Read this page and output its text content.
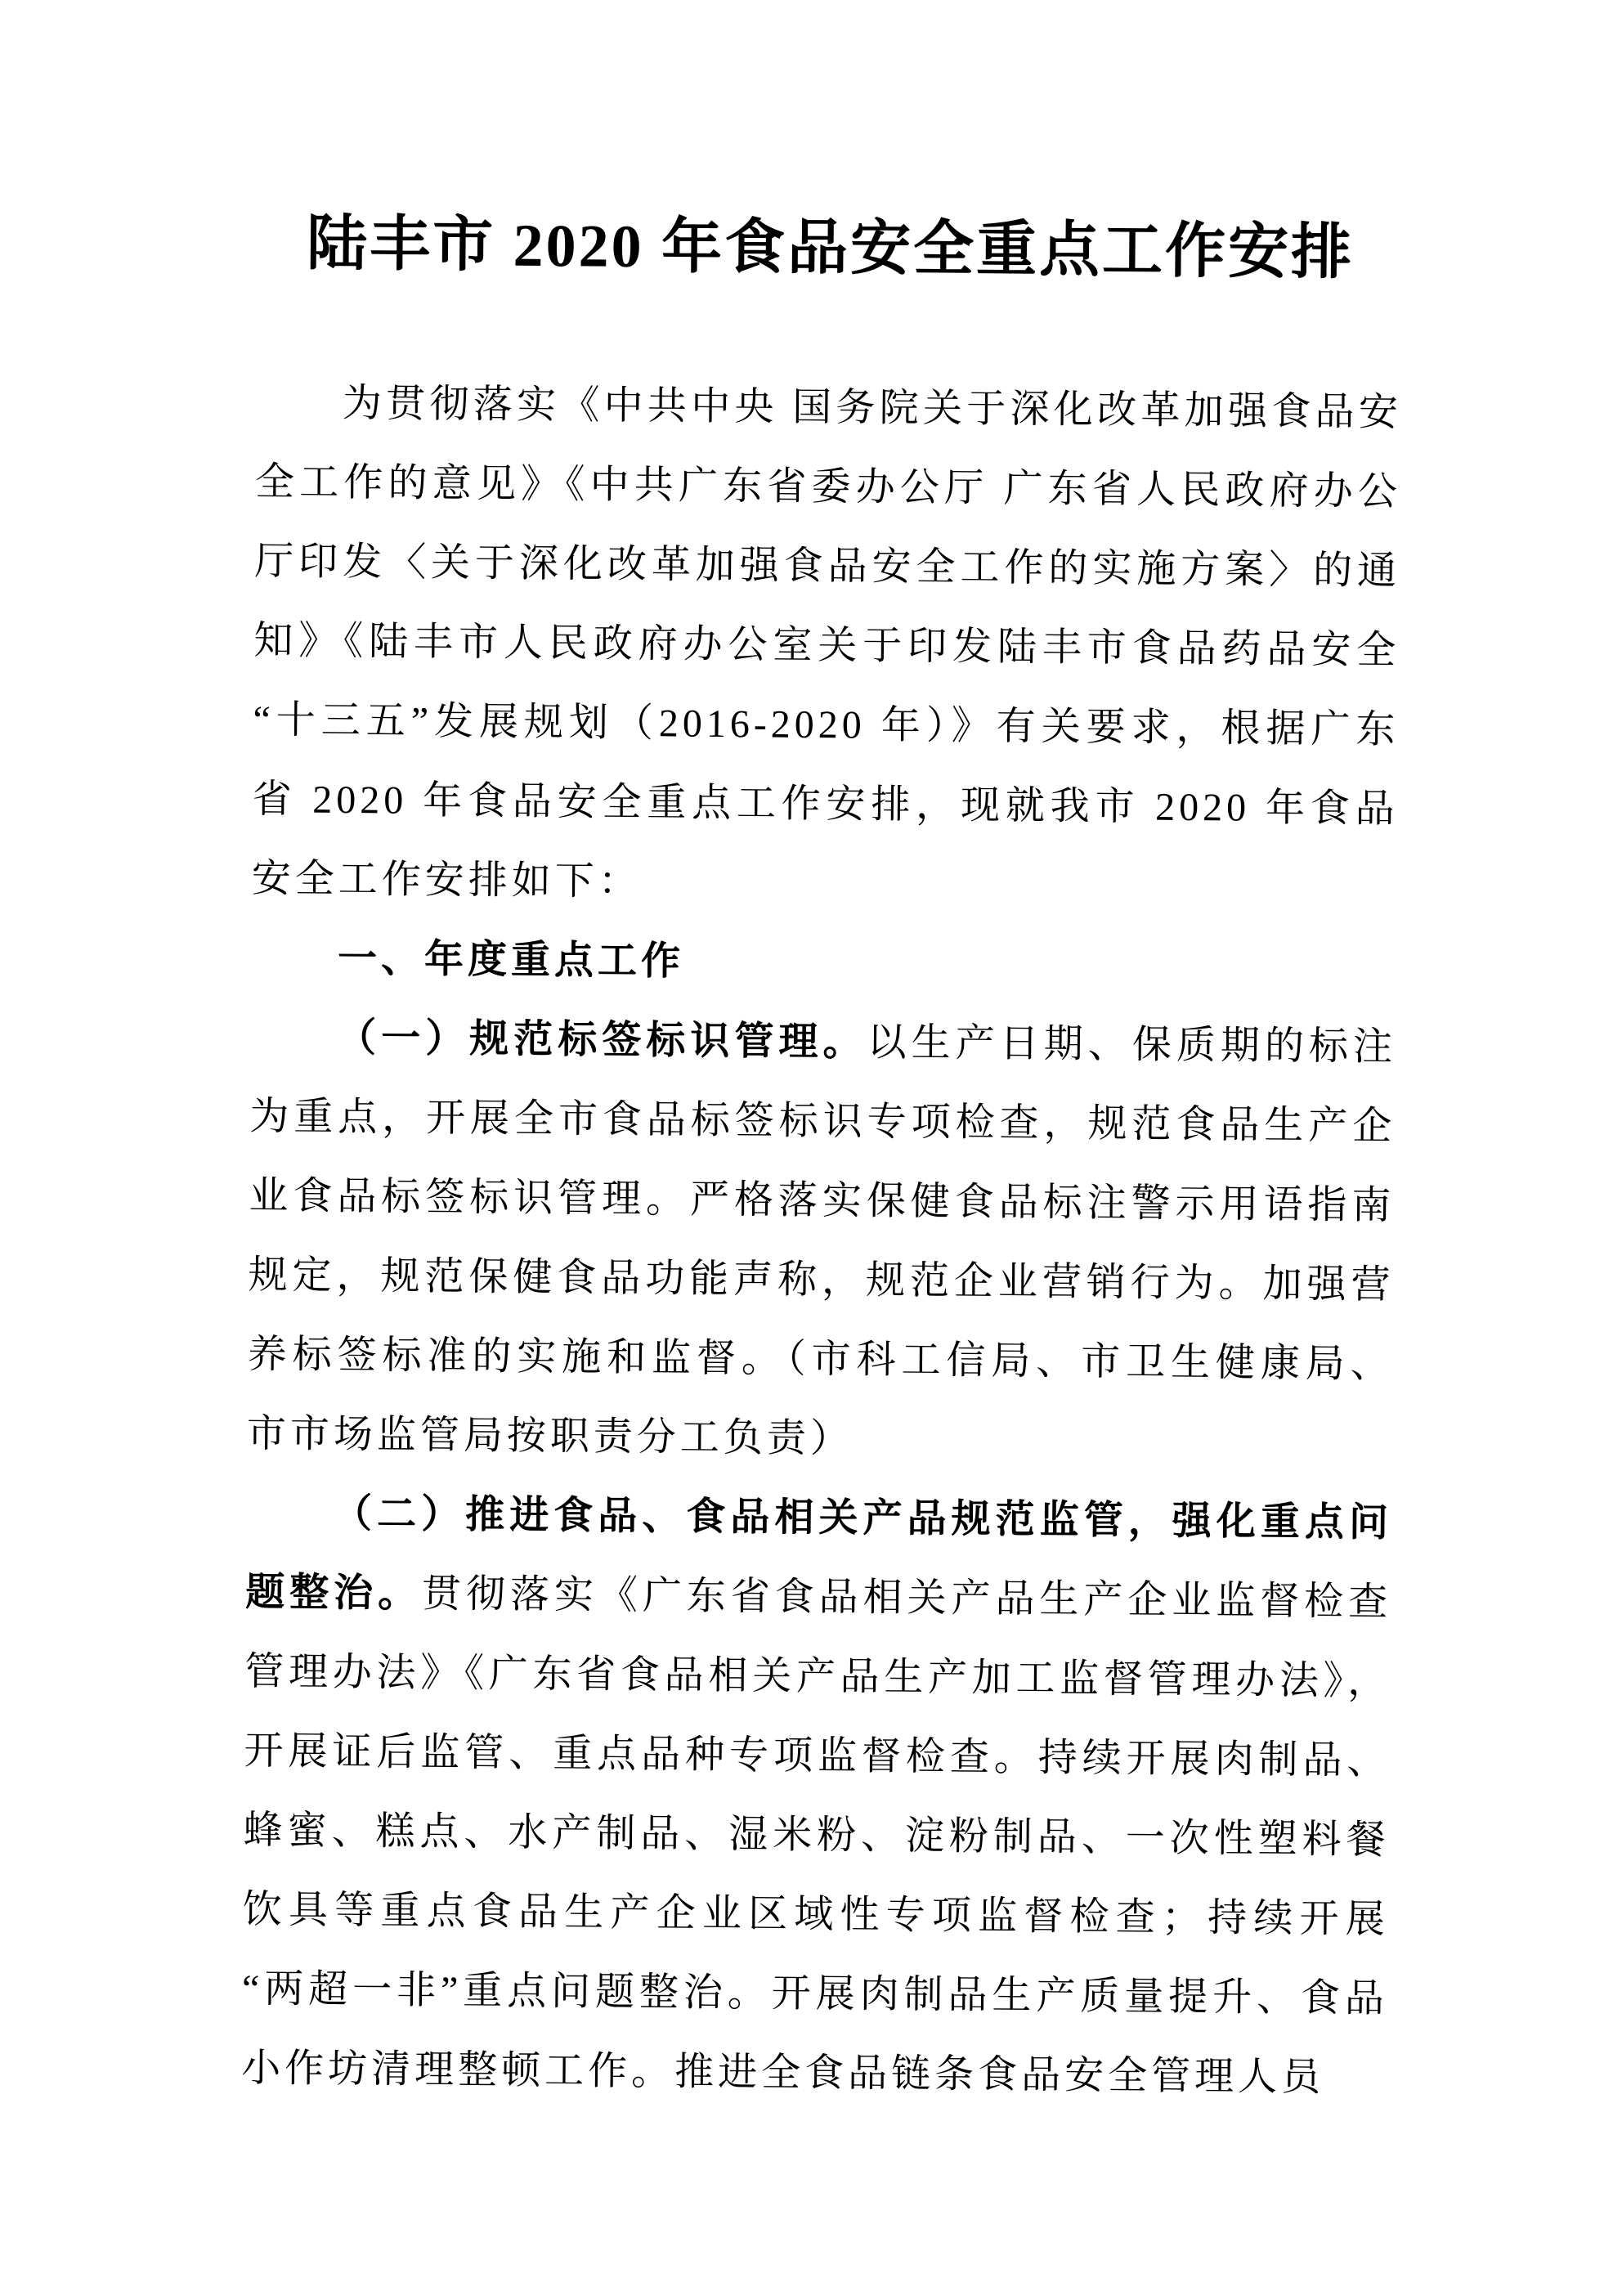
陆丰市 2020 年食品安全重点工作安排

为贯彻落实《中共中央 国务院关于深化改革加强食品安全工作的意见》《中共广东省委办公厅 广东省人民政府办公厅印发〈关于深化改革加强食品安全工作的实施方案〉的通知》《陆丰市人民政府办公室关于印发陆丰市食品药品安全“十三五”发展规划（2016-2020 年）》有关要求，根据广东省 2020 年食品安全重点工作安排，现就我市 2020 年食品安全工作安排如下：

一、年度重点工作

（一）规范标签标识管理。以生产日期、保质期的标注为重点，开展全市食品标签标识专项检查，规范食品生产企业食品标签标识管理。严格落实保健食品标注警示用语指南规定，规范保健食品功能声称，规范企业营销行为。加强营养标签标准的实施和监督。（市科工信局、市卫生健康局、市市场监管局按职责分工负责）

（二）推进食品、食品相关产品规范监管，强化重点问题整治。贯彻落实《广东省食品相关产品生产企业监督检查管理办法》《广东省食品相关产品生产加工监督管理办法》，开展证后监管、重点品种专项监督检查。持续开展肉制品、蜂蜜、糕点、水产制品、湿米粉、淀粉制品、一次性塑料餐饮具等重点食品生产企业区域性专项监督检查；持续开展“两超一非”重点问题整治。开展肉制品生产质量提升、食品小作坊清理整顿工作。推进全食品链条食品安全管理人员
